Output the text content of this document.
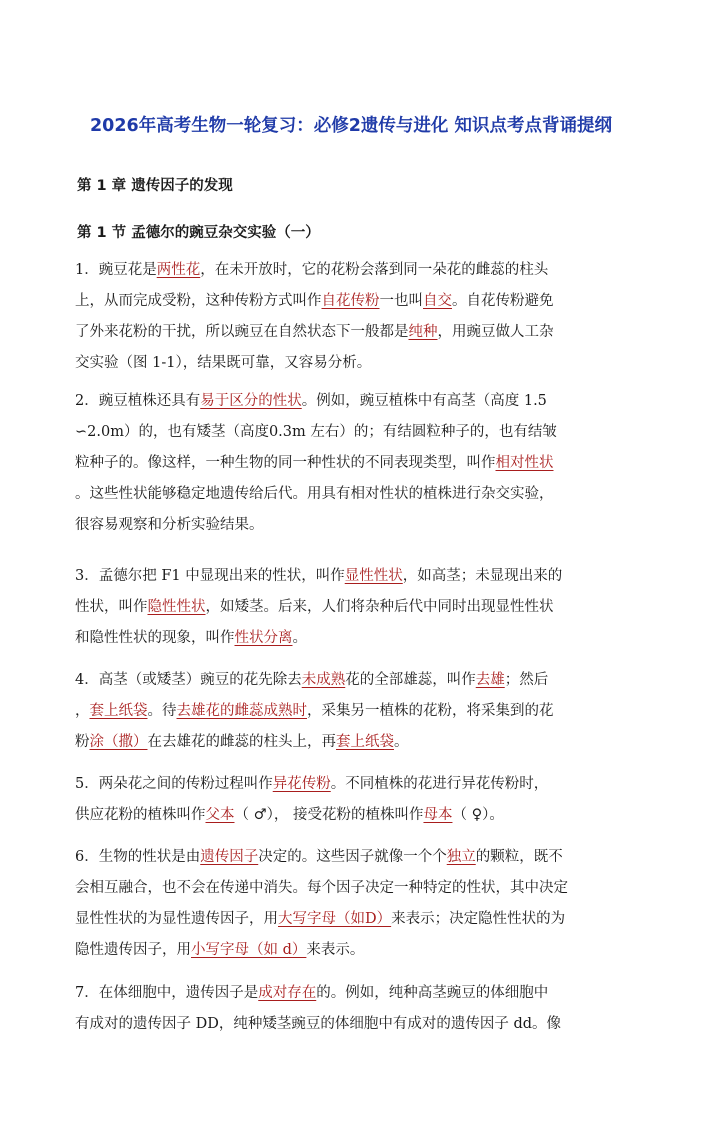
2026年高考生物一轮复习：必修2遗传与进化 知识点考点背诵提纲
第 1 章 遗传因子的发现
第 1 节 孟德尔的豌豆杂交实验（一）
1．豌豆花是两性花，在未开放时，它的花粉会落到同一朵花的雌蕊的柱头
上，从而完成受粉，这种传粉方式叫作自花传粉一也叫自交。自花传粉避免
了外来花粉的干扰，所以豌豆在自然状态下一般都是纯种，用豌豆做人工杂
交实验（图 1-1），结果既可靠，又容易分析。
2．豌豆植株还具有易于区分的性状。例如，豌豆植株中有高茎（高度 1.5
∽2.0m）的，也有矮茎（高度0.3m 左右）的；有结圆粒种子的，也有结皱
粒种子的。像这样，一种生物的同一种性状的不同表现类型，叫作相对性状
。这些性状能够稳定地遗传给后代。用具有相对性状的植株进行杂交实验，
很容易观察和分析实验结果。
3．孟德尔把 F1 中显现出来的性状，叫作显性性状，如高茎；未显现出来的
性状，叫作隐性性状，如矮茎。后来，人们将杂种后代中同时出现显性性状
和隐性性状的现象，叫作性状分离。
4．高茎（或矮茎）豌豆的花先除去未成熟花的全部雄蕊，叫作去雄；然后
，套上纸袋。待去雄花的雌蕊成熟时，采集另一植株的花粉，将采集到的花
粉涂（撒）在去雄花的雌蕊的柱头上，再套上纸袋。
5．两朵花之间的传粉过程叫作异花传粉。不同植株的花进行异花传粉时，
供应花粉的植株叫作父本（ ♂）， 接受花粉的植株叫作母本（ ♀）。
6．生物的性状是由遗传因子决定的。这些因子就像一个个独立的颗粒，既不
会相互融合，也不会在传递中消失。每个因子决定一种特定的性状，其中决定
显性性状的为显性遗传因子，用大写字母（如D）来表示；决定隐性性状的为
隐性遗传因子，用小写字母（如 d）来表示。
7．在体细胞中，遗传因子是成对存在的。例如，纯种高茎豌豆的体细胞中
有成对的遗传因子 DD，纯种矮茎豌豆的体细胞中有成对的遗传因子 dd。像
